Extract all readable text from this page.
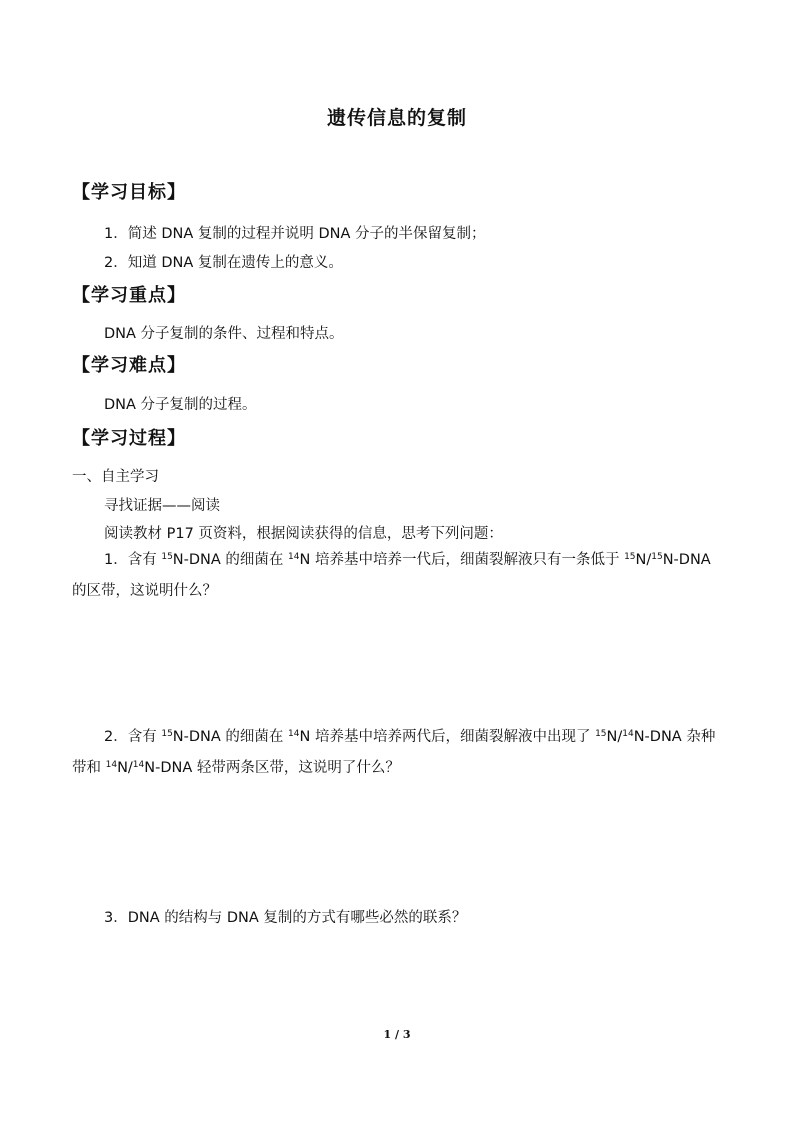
遗传信息的复制
【学习目标】
1．简述 DNA 复制的过程并说明 DNA 分子的半保留复制；
2．知道 DNA 复制在遗传上的意义。
【学习重点】
DNA 分子复制的条件、过程和特点。
【学习难点】
DNA 分子复制的过程。
【学习过程】
一、自主学习
寻找证据——阅读
阅读教材 P17 页资料，根据阅读获得的信息，思考下列问题：
1．含有 $^{15}$N-DNA 的细菌在 $^{14}$N 培养基中培养一代后，细菌裂解液只有一条低于 $^{15}$N/$^{15}$N-DNA 的区带，这说明什么？
2．含有 $^{15}$N-DNA 的细菌在 $^{14}$N 培养基中培养两代后，细菌裂解液中出现了 $^{15}$N/$^{14}$N-DNA 杂种带和 $^{14}$N/$^{14}$N-DNA 轻带两条区带，这说明了什么？
3．DNA 的结构与 DNA 复制的方式有哪些必然的联系？
1 / 3
